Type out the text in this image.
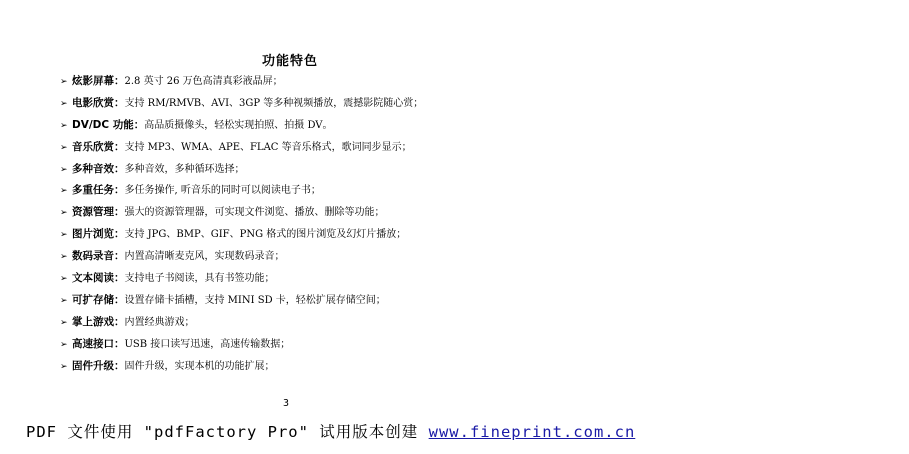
功能特色
➢ 炫影屏幕：2.8 英寸 26 万色高清真彩液晶屏；
➢ 电影欣赏：支持 RM/RMVB、AVI、3GP 等多种视频播放，震撼影院随心赏；
➢ DV/DC 功能：高品质摄像头，轻松实现拍照、拍摄 DV。
➢ 音乐欣赏：支持 MP3、WMA、APE、FLAC 等音乐格式，歌词同步显示；
➢ 多种音效：多种音效，多种循环选择；
➢ 多重任务：多任务操作, 听音乐的同时可以阅读电子书；
➢ 资源管理：强大的资源管理器，可实现文件浏览、播放、删除等功能；
➢ 图片浏览：支持 JPG、BMP、GIF、PNG 格式的图片浏览及幻灯片播放；
➢ 数码录音：内置高清晰麦克风，实现数码录音；
➢ 文本阅读：支持电子书阅读，具有书签功能；
➢ 可扩存储：设置存储卡插槽，支持 MINI SD 卡，轻松扩展存储空间；
➢ 掌上游戏：内置经典游戏；
➢ 高速接口：USB 接口读写迅速，高速传输数据；
➢ 固件升级：固件升级，实现本机的功能扩展；
3
PDF 文件使用 "pdfFactory Pro" 试用版本创建 www.fineprint.com.cn
